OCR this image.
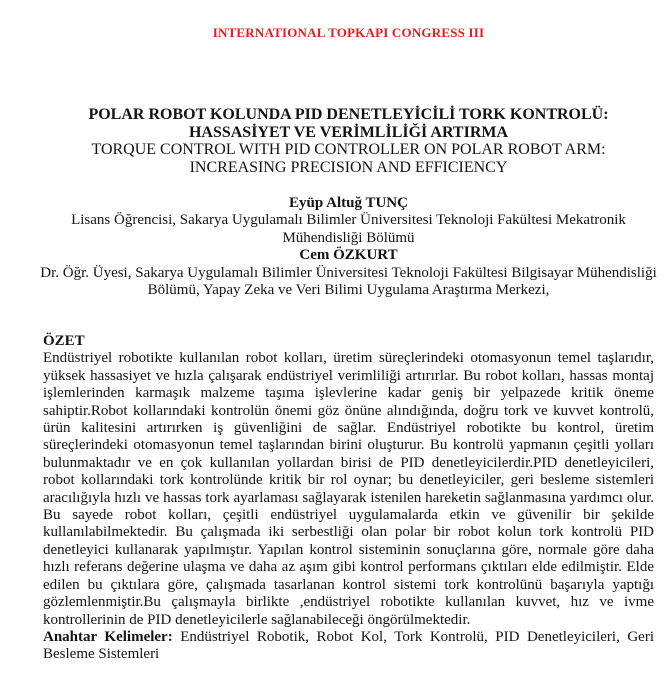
INTERNATIONAL TOPKAPI CONGRESS III
POLAR ROBOT KOLUNDA PID DENETLEYİCİLİ TORK KONTROLÜ:
HASSASİYET VE VERİMLİLİĞİ ARTIRMA
TORQUE CONTROL WITH PID CONTROLLER ON POLAR ROBOT ARM:
INCREASING PRECISION AND EFFICIENCY
Eyüp Altuğ TUNÇ
Lisans Öğrencisi, Sakarya Uygulamalı Bilimler Üniversitesi Teknoloji Fakültesi Mekatronik Mühendisliği Bölümü
Cem ÖZKURT
Dr. Öğr. Üyesi, Sakarya Uygulamalı Bilimler Üniversitesi Teknoloji Fakültesi Bilgisayar Mühendisliği Bölümü, Yapay Zeka ve Veri Bilimi Uygulama Araştırma Merkezi,
ÖZET

Endüstriyel robotikte kullanılan robot kolları, üretim süreçlerindeki otomasyonun temel taşlarıdır, yüksek hassasiyet ve hızla çalışarak endüstriyel verimliliği artırırlar. Bu robot kolları, hassas montaj işlemlerinden karmaşık malzeme taşıma işlevlerine kadar geniş bir yelpazede kritik öneme sahiptir.Robot kollarındaki kontrolün önemi göz önüne alındığında, doğru tork ve kuvvet kontrolü, ürün kalitesini artırırken iş güvenliğini de sağlar. Endüstriyel robotikte bu kontrol, üretim süreçlerindeki otomasyonun temel taşlarından birini oluşturur. Bu kontrolü yapmanın çeşitli yolları bulunmaktadır ve en çok kullanılan yollardan birisi de PID denetleyicilerdir.PID denetleyicileri, robot kollarındaki tork kontrolünde kritik bir rol oynar; bu denetleyiciler, geri besleme sistemleri aracılığıyla hızlı ve hassas tork ayarlaması sağlayarak istenilen hareketin sağlanmasına yardımcı olur. Bu sayede robot kolları, çeşitli endüstriyel uygulamalarda etkin ve güvenilir bir şekilde kullanılabilmektedir. Bu çalışmada iki serbestliği olan polar bir robot kolun tork kontrolü PID denetleyici kullanarak yapılmıştır. Yapılan kontrol sisteminin sonuçlarına göre, normale göre daha hızlı referans değerine ulaşma ve daha az aşım gibi kontrol performans çıktıları elde edilmiştir. Elde edilen bu çıktılara göre, çalışmada tasarlanan kontrol sistemi tork kontrolünü başarıyla yaptığı gözlemlenmiştir.Bu çalışmayla birlikte ,endüstriyel robotikte kullanılan kuvvet, hız ve ivme kontrollerinin de PID denetleyicilerle sağlanabileceği öngörülmektedir.

Anahtar Kelimeler: Endüstriyel Robotik, Robot Kol, Tork Kontrolü, PID Denetleyicileri, Geri Besleme Sistemleri
